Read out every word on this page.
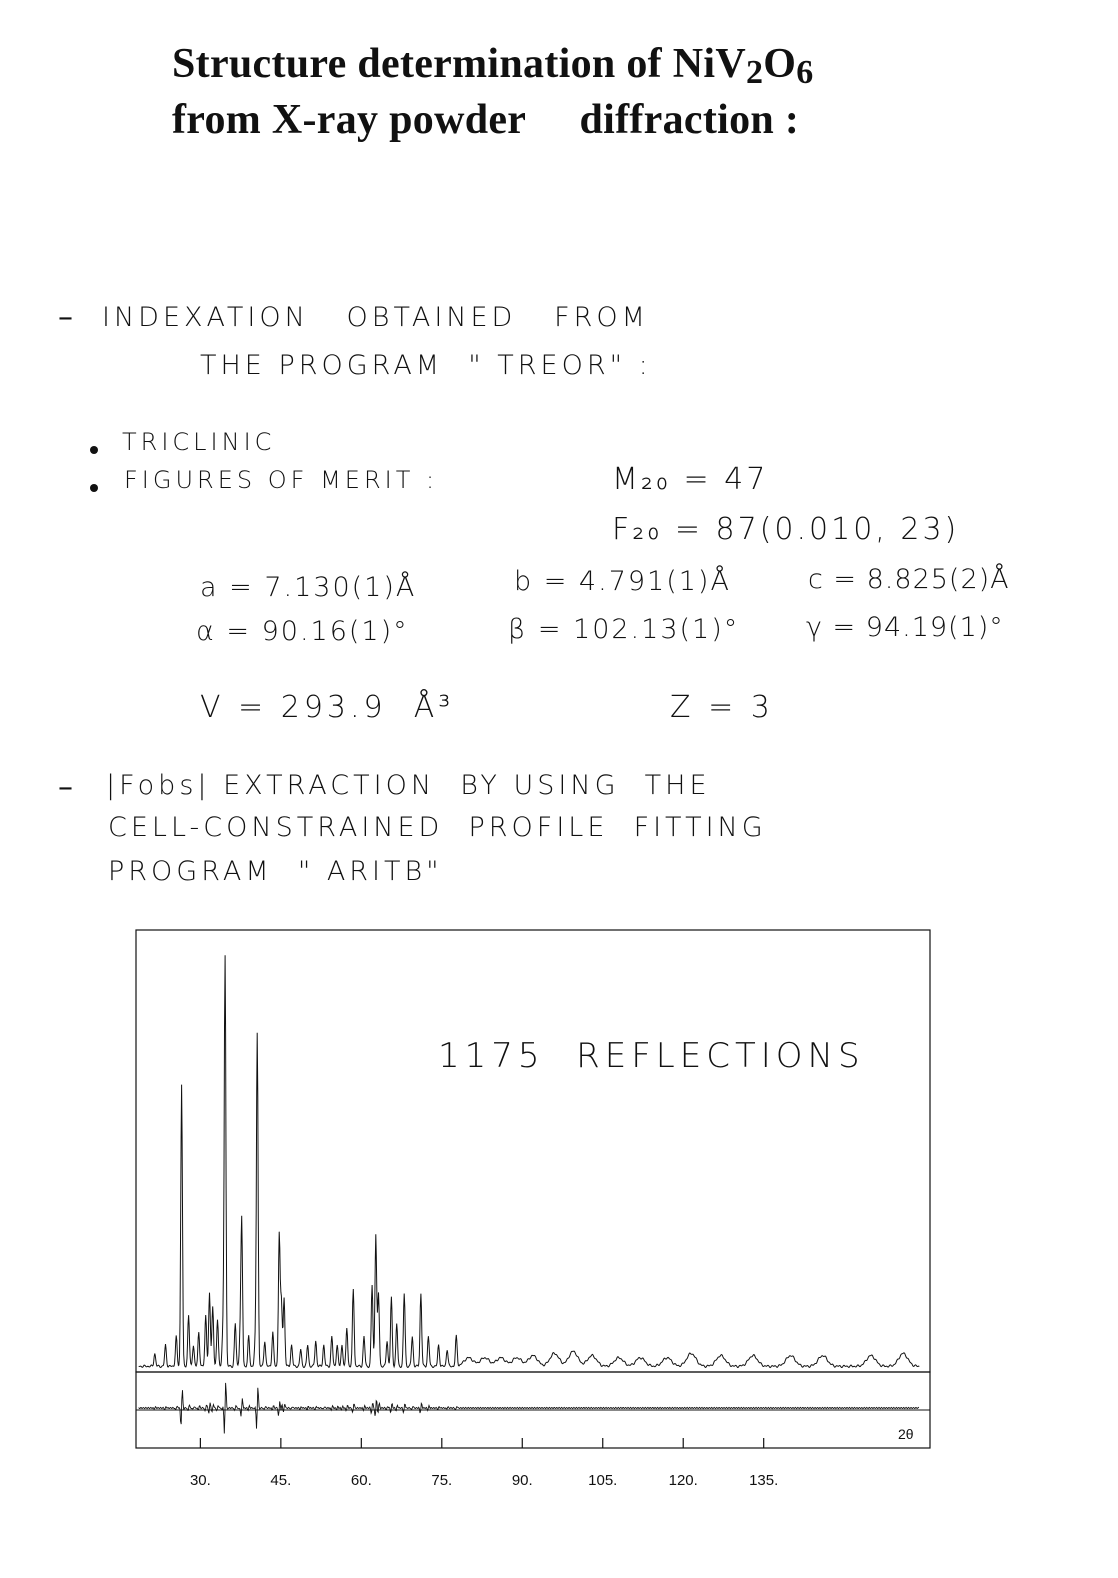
Structure determination of NiV2O6
from X-ray powder     diffraction :
– INDEXATION   OBTAINED   FROM
THE PROGRAM  " TREOR" :
TRICLINIC
FIGURES OF MERIT :	M₂₀ = 47
F₂₀ = 87(0.010, 23)
a = 7.130(1)Å	b = 4.791(1)Å	c = 8.825(2)Å
α = 90.16(1)°	β = 102.13(1)° γ = 94.19(1)°
V = 293.9  Å³	Z = 3
– |Fobs| EXTRACTION  BY USING  THE
CELL-CONSTRAINED  PROFILE  FITTING
PROGRAM  " ARITB"
1175  REFLECTIONS
2θ
30.	45.	60.	75.	90.	105.	120.	135.
